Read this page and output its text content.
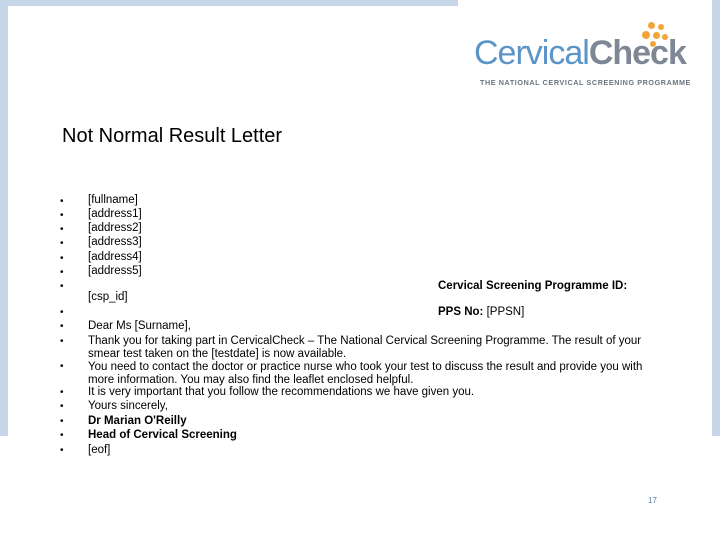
CervicalCheck
THE NATIONAL CERVICAL SCREENING PROGRAMME
Not Normal Result Letter
•
•
•
•
•
•
•
•
•
•
•
•
•
•
•
•
[fullname]
[address1]
[address2]
[address3]
[address4]
[address5]
Cervical Screening Programme ID:
[csp_id]
PPS No: [PPSN]
Dear Ms [Surname],
Thank you for taking part in CervicalCheck – The National Cervical Screening Programme. The result of your smear test taken on the [testdate] is now available.
You need to contact the doctor or practice nurse who took your test to discuss the result and provide you with more information. You may also find the leaflet enclosed helpful.
It is very important that you follow the recommendations we have given you.
Yours sincerely,
Dr Marian O'Reilly
Head of Cervical Screening
[eof]
17
